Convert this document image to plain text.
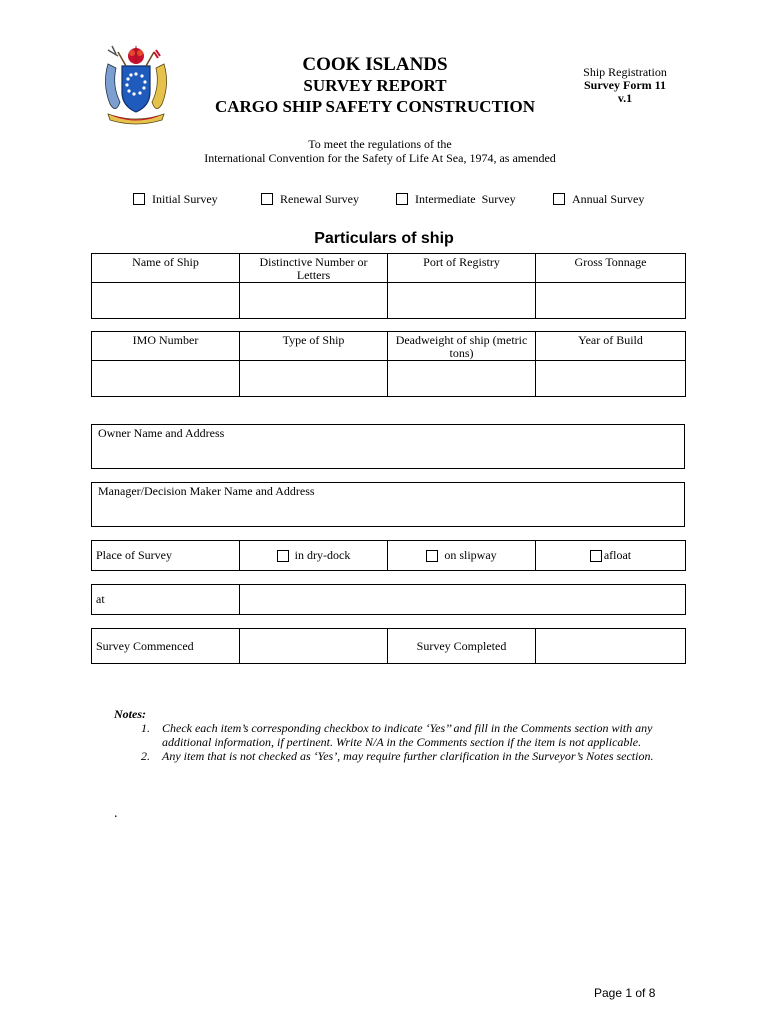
COOK ISLANDS
SURVEY REPORT
CARGO SHIP SAFETY CONSTRUCTION
Ship Registration
Survey Form 11
v.1
To meet the regulations of the
International Convention for the Safety of Life At Sea, 1974, as amended
Initial Survey	Renewal Survey	Intermediate  Survey	Annual Survey
Particulars of ship
Name of Ship	Distinctive Number or Letters	Port of Registry	Gross Tonnage

IMO Number	Type of Ship	Deadweight of ship (metric tons)	Year of Build

Owner Name and Address
Manager/Decision Maker Name and Address
Place of Survey	in dry-dock	on slipway	afloat
at	
Survey Commenced		Survey Completed	
Notes:
1. Check each item’s corresponding checkbox to indicate ‘Yes’’ and fill in the Comments section with any additional information, if pertinent. Write N/A in the Comments section if the item is not applicable.
2. Any item that is not checked as ‘Yes’, may require further clarification in the Surveyor’s Notes section.
.
Page 1 of 8
